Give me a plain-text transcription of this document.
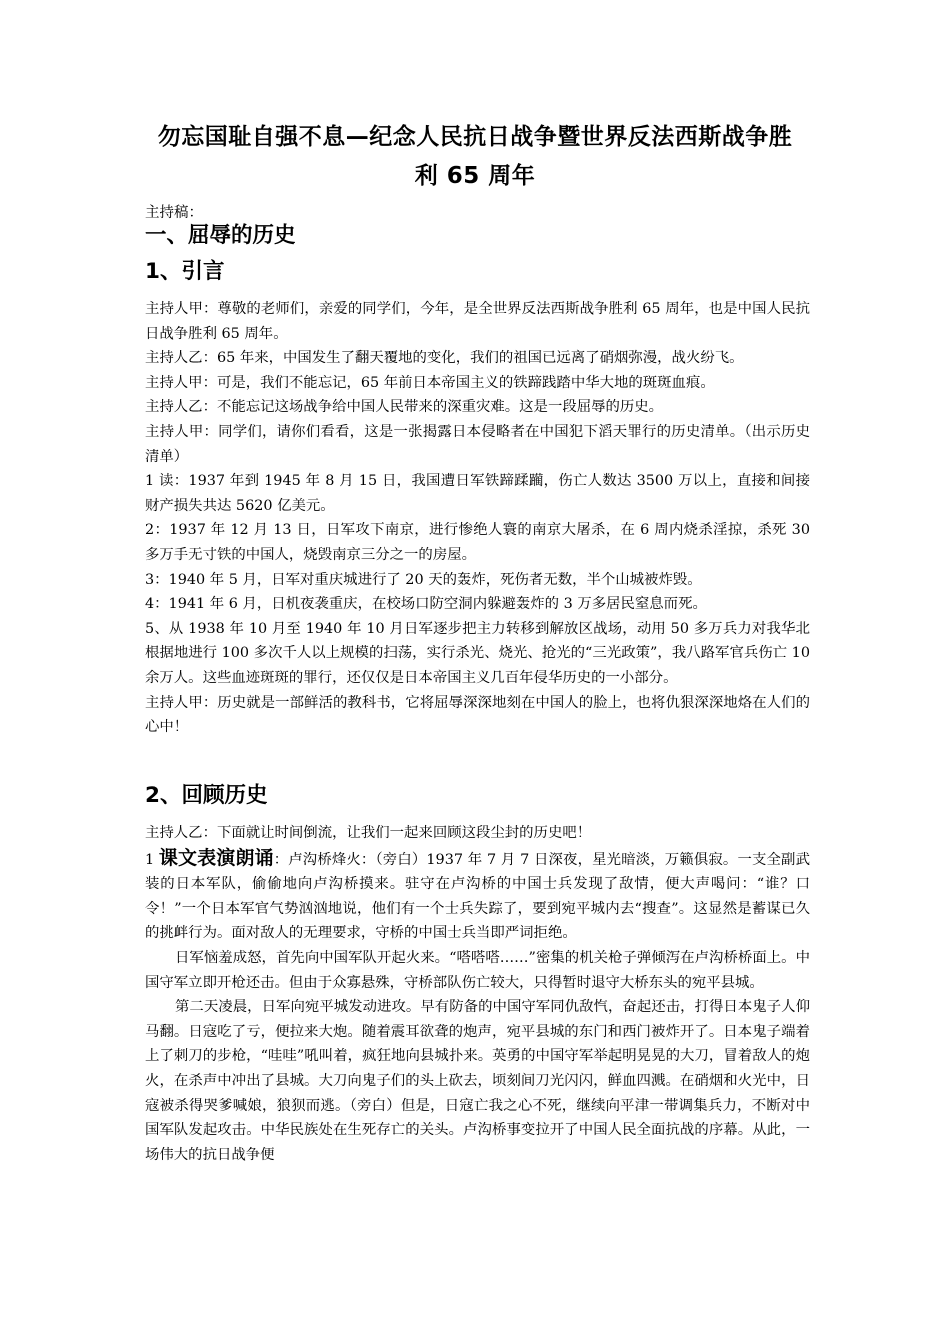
勿忘国耻自强不息—纪念人民抗日战争暨世界反法西斯战争胜
利 65 周年
主持稿：
一、屈辱的历史
1、引言

主持人甲：尊敬的老师们，亲爱的同学们，今年，是全世界反法西斯战争胜利 65 周年，也是中国人民抗日战争胜利 65 周年。

主持人乙：65 年来，中国发生了翻天覆地的变化，我们的祖国已远离了硝烟弥漫，战火纷飞。

主持人甲：可是，我们不能忘记，65 年前日本帝国主义的铁蹄践踏中华大地的斑斑血痕。

主持人乙：不能忘记这场战争给中国人民带来的深重灾难。这是一段屈辱的历史。

主持人甲：同学们，请你们看看，这是一张揭露日本侵略者在中国犯下滔天罪行的历史清单。（出示历史清单）

1 读：1937 年到 1945 年 8 月 15 日，我国遭日军铁蹄蹂躏，伤亡人数达 3500 万以上，直接和间接财产损失共达 5620 亿美元。

2：1937 年 12 月 13 日，日军攻下南京，进行惨绝人寰的南京大屠杀，在 6 周内烧杀淫掠，杀死 30 多万手无寸铁的中国人，烧毁南京三分之一的房屋。

3：1940 年 5 月，日军对重庆城进行了 20 天的轰炸，死伤者无数，半个山城被炸毁。

4：1941 年 6 月，日机夜袭重庆，在校场口防空洞内躲避轰炸的 3 万多居民窒息而死。

5、从 1938 年 10 月至 1940 年 10 月日军逐步把主力转移到解放区战场，动用 50 多万兵力对我华北根据地进行 100 多次千人以上规模的扫荡，实行杀光、烧光、抢光的“三光政策”，我八路军官兵伤亡 10 余万人。这些血迹斑斑的罪行，还仅仅是日本帝国主义几百年侵华历史的一小部分。

主持人甲：历史就是一部鲜活的教科书，它将屈辱深深地刻在中国人的脸上，也将仇狠深深地烙在人们的心中！

2、回顾历史

主持人乙：下面就让时间倒流，让我们一起来回顾这段尘封的历史吧！

1 课文表演朗诵：卢沟桥烽火：（旁白）1937 年 7 月 7 日深夜，星光暗淡，万籁俱寂。一支全副武装的日本军队，偷偷地向卢沟桥摸来。驻守在卢沟桥的中国士兵发现了敌情，便大声喝问：“谁？口令！”一个日本军官气势汹汹地说，他们有一个士兵失踪了，要到宛平城内去“搜查”。这显然是蓄谋已久的挑衅行为。面对敌人的无理要求，守桥的中国士兵当即严词拒绝。

日军恼羞成怒，首先向中国军队开起火来。“嗒嗒嗒……”密集的机关枪子弹倾泻在卢沟桥桥面上。中国守军立即开枪还击。但由于众寡悬殊，守桥部队伤亡较大，只得暂时退守大桥东头的宛平县城。

第二天凌晨，日军向宛平城发动进攻。早有防备的中国守军同仇敌忾，奋起还击，打得日本鬼子人仰马翻。日寇吃了亏，便拉来大炮。随着震耳欲聋的炮声，宛平县城的东门和西门被炸开了。日本鬼子端着上了刺刀的步枪，“哇哇”吼叫着，疯狂地向县城扑来。英勇的中国守军举起明晃晃的大刀，冒着敌人的炮火，在杀声中冲出了县城。大刀向鬼子们的头上砍去，顷刻间刀光闪闪，鲜血四溅。在硝烟和火光中，日寇被杀得哭爹喊娘，狼狈而逃。（旁白）但是，日寇亡我之心不死，继续向平津一带调集兵力，不断对中国军队发起攻击。中华民族处在生死存亡的关头。卢沟桥事变拉开了中国人民全面抗战的序幕。从此，一场伟大的抗日战争便
